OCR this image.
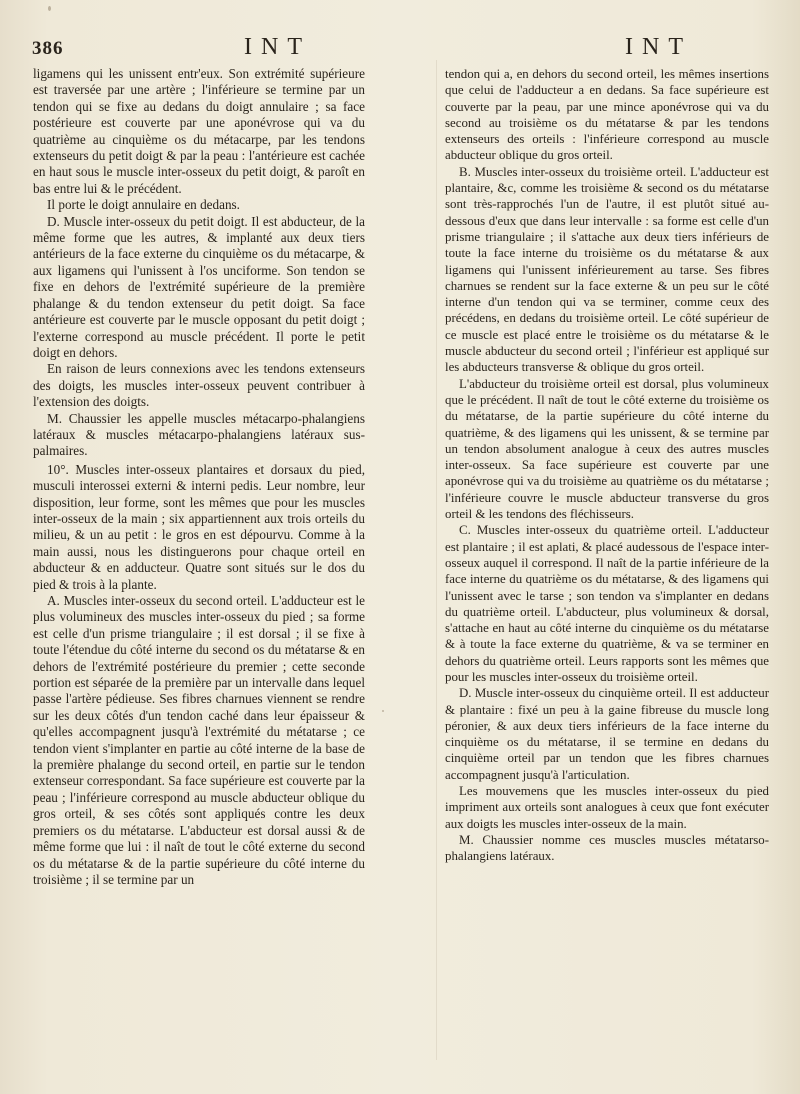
386	INT	INT

ligamens qui les unissent entr'eux. Son extrémité supérieure est traversée par une artère ; l'inférieure se termine par un tendon qui se fixe au dedans du doigt annulaire ; sa face postérieure est couverte par une aponévrose qui va du quatrième au cinquième os du métacarpe, par les tendons extenseurs du petit doigt & par la peau : l'antérieure est cachée en haut sous le muscle inter-osseux du petit doigt, & paroît en bas entre lui & le précédent.

Il porte le doigt annulaire en dedans.

D. Muscle inter-osseux du petit doigt. Il est abducteur, de la même forme que les autres, & implanté aux deux tiers antérieurs de la face externe du cinquième os du métacarpe, & aux ligamens qui l'unissent à l'os unciforme. Son tendon se fixe en dehors de l'extrémité supérieure de la première phalange & du tendon extenseur du petit doigt. Sa face antérieure est couverte par le muscle opposant du petit doigt ; l'externe correspond au muscle précédent. Il porte le petit doigt en dehors.

En raison de leurs connexions avec les tendons extenseurs des doigts, les muscles inter-osseux peuvent contribuer à l'extension des doigts.

M. Chaussier les appelle muscles métacarpo-phalangiens latéraux & muscles métacarpo-phalangiens latéraux sus-palmaires.

10°. Muscles inter-osseux plantaires et dorsaux du pied, musculi interossei externi & interni pedis. Leur nombre, leur disposition, leur forme, sont les mêmes que pour les muscles inter-osseux de la main ; six appartiennent aux trois orteils du milieu, & un au petit : le gros en est dépourvu. Comme à la main aussi, nous les distinguerons pour chaque orteil en abducteur & en adducteur. Quatre sont situés sur le dos du pied & trois à la plante.

A. Muscles inter-osseux du second orteil. L'adducteur est le plus volumineux des muscles inter-osseux du pied ; sa forme est celle d'un prisme triangulaire ; il est dorsal ; il se fixe à toute l'étendue du côté interne du second os du métatarse & en dehors de l'extrémité postérieure du premier ; cette seconde portion est séparée de la première par un intervalle dans lequel passe l'artère pédieuse. Ses fibres charnues viennent se rendre sur les deux côtés d'un tendon caché dans leur épaisseur & qu'elles accompagnent jusqu'à l'extrémité du métatarse ; ce tendon vient s'implanter en partie au côté interne de la base de la première phalange du second orteil, en partie sur le tendon extenseur correspondant. Sa face supérieure est couverte par la peau ; l'inférieure correspond au muscle abducteur oblique du gros orteil, & ses côtés sont appliqués contre les deux premiers os du métatarse. L'abducteur est dorsal aussi & de même forme que lui : il naît de tout le côté externe du second os du métatarse & de la partie supérieure du côté interne du troisième ; il se termine par un

tendon qui a, en dehors du second orteil, les mêmes insertions que celui de l'adducteur a en dedans. Sa face supérieure est couverte par la peau, par une mince aponévrose qui va du second au troisième os du métatarse & par les tendons extenseurs des orteils : l'inférieure correspond au muscle abducteur oblique du gros orteil.

B. Muscles inter-osseux du troisième orteil. L'adducteur est plantaire, &c, comme les troisième & second os du métatarse sont très-rapprochés l'un de l'autre, il est plutôt situé au-dessous d'eux que dans leur intervalle : sa forme est celle d'un prisme triangulaire ; il s'attache aux deux tiers inférieurs de toute la face interne du troisième os du métatarse & aux ligamens qui l'unissent inférieurement au tarse. Ses fibres charnues se rendent sur la face externe & un peu sur le côté interne d'un tendon qui va se terminer, comme ceux des précédens, en dedans du troisième orteil. Le côté supérieur de ce muscle est placé entre le troisième os du métatarse & le muscle abducteur du second orteil ; l'inférieur est appliqué sur les abducteurs transverse & oblique du gros orteil.

L'abducteur du troisième orteil est dorsal, plus volumineux que le précédent. Il naît de tout le côté externe du troisième os du métatarse, de la partie supérieure du côté interne du quatrième, & des ligamens qui les unissent, & se termine par un tendon absolument analogue à ceux des autres muscles inter-osseux. Sa face supérieure est couverte par une aponévrose qui va du troisième au quatrième os du métatarse ; l'inférieure couvre le muscle abducteur transverse du gros orteil & les tendons des fléchisseurs.

C. Muscles inter-osseux du quatrième orteil. L'adducteur est plantaire ; il est aplati, & placé audessous de l'espace inter-osseux auquel il correspond. Il naît de la partie inférieure de la face interne du quatrième os du métatarse, & des ligamens qui l'unissent avec le tarse ; son tendon va s'implanter en dedans du quatrième orteil. L'abducteur, plus volumineux & dorsal, s'attache en haut au côté interne du cinquième os du métatarse & à toute la face externe du quatrième, & va se terminer en dehors du quatrième orteil. Leurs rapports sont les mêmes que pour les muscles inter-osseux du troisième orteil.

D. Muscle inter-osseux du cinquième orteil. Il est adducteur & plantaire : fixé un peu à la gaine fibreuse du muscle long péronier, & aux deux tiers inférieurs de la face interne du cinquième os du métatarse, il se termine en dedans du cinquième orteil par un tendon que les fibres charnues accompagnent jusqu'à l'articulation.

Les mouvemens que les muscles inter-osseux du pied impriment aux orteils sont analogues à ceux que font exécuter aux doigts les muscles inter-osseux de la main.

M. Chaussier nomme ces muscles muscles métatarso-phalangiens latéraux.
